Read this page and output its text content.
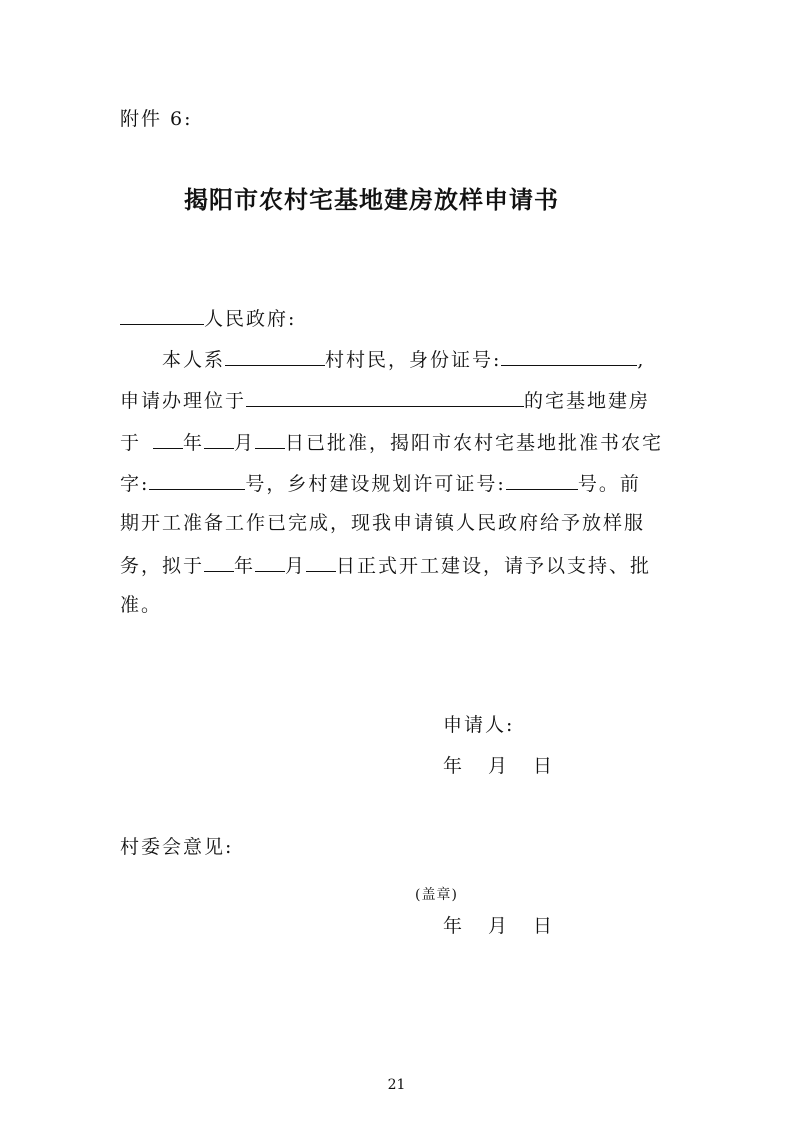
附件 6:
揭阳市农村宅基地建房放样申请书
人民政府:
本人系	村村民，身份证号:	,
申请办理位于	的宅基地建房
于 年 月 日已批准，揭阳市农村宅基地批准书农宅
字:	号，乡村建设规划许可证号:	号。前
期开工准备工作已完成，现我申请镇人民政府给予放样服
务，拟于 年 月 日正式开工建设，请予以支持、批
准。
申请人:
年 月 日
村委会意见:
(盖章)
年 月 日
21
